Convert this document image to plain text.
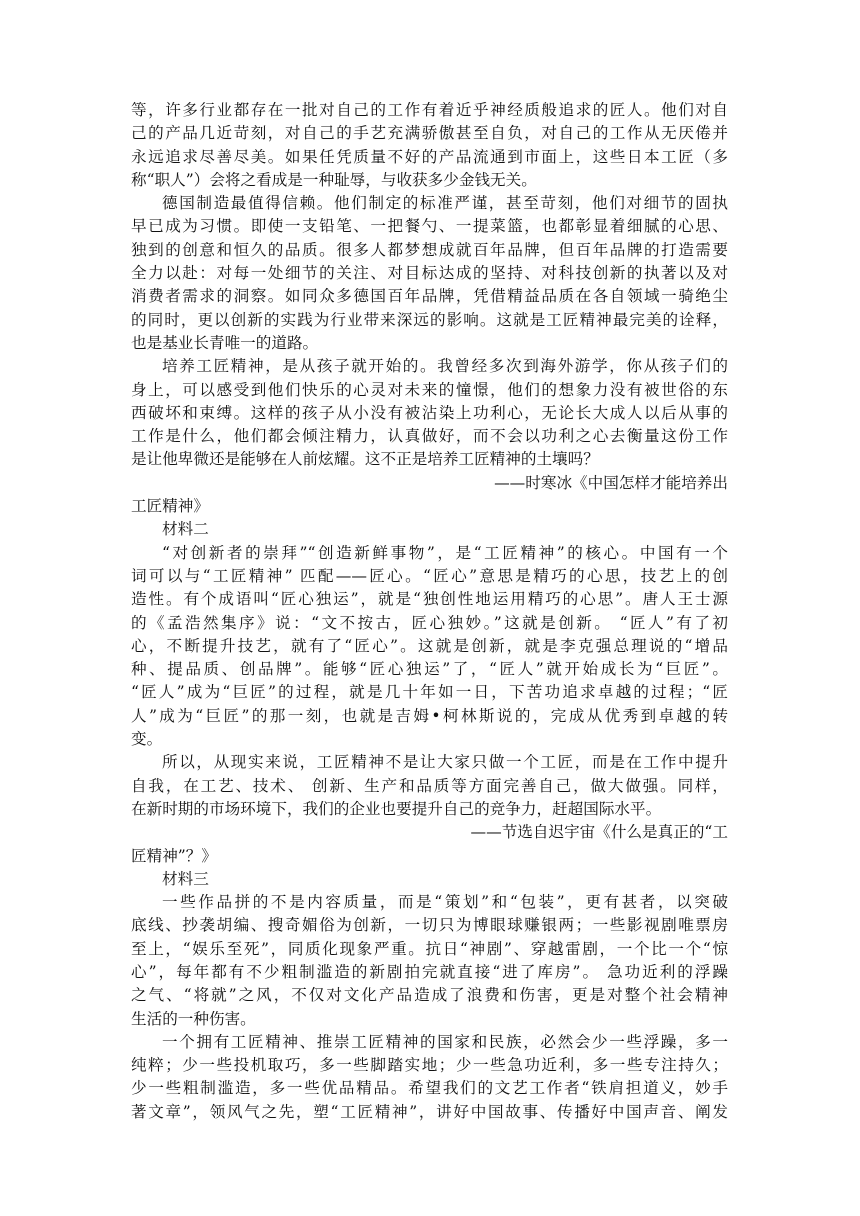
等，许多行业都存在一批对自己的工作有着近乎神经质般追求的匠人。他们对自
己的产品几近苛刻，对自己的手艺充满骄傲甚至自负，对自己的工作从无厌倦并
永远追求尽善尽美。如果任凭质量不好的产品流通到市面上，这些日本工匠（多
称“职人”）会将之看成是一种耻辱，与收获多少金钱无关。
德国制造最值得信赖。他们制定的标准严谨，甚至苛刻，他们对细节的固执
早已成为习惯。即使一支铅笔、一把餐勺、一提菜篮，也都彰显着细腻的心思、
独到的创意和恒久的品质。很多人都梦想成就百年品牌，但百年品牌的打造需要
全力以赴：对每一处细节的关注、对目标达成的坚持、对科技创新的执著以及对
消费者需求的洞察。如同众多德国百年品牌，凭借精益品质在各自领域一骑绝尘
的同时，更以创新的实践为行业带来深远的影响。这就是工匠精神最完美的诠释，
也是基业长青唯一的道路。
培养工匠精神，是从孩子就开始的。我曾经多次到海外游学，你从孩子们的
身上，可以感受到他们快乐的心灵对未来的憧憬，他们的想象力没有被世俗的东
西破坏和束缚。这样的孩子从小没有被沾染上功利心，无论长大成人以后从事的
工作是什么，他们都会倾注精力，认真做好，而不会以功利之心去衡量这份工作
是让他卑微还是能够在人前炫耀。这不正是培养工匠精神的土壤吗？
——时寒冰《中国怎样才能培养出
工匠精神》
材料二
“对创新者的崇拜”“创造新鲜事物”，是“工匠精神”的核心。中国有一个
词可以与“工匠精神” 匹配——匠心。“匠心”意思是精巧的心思，技艺上的创
造性。有个成语叫“匠心独运”，就是“独创性地运用精巧的心思”。唐人王士源
的《孟浩然集序》说：“文不按古，匠心独妙。”这就是创新。 “匠人”有了初
心，不断提升技艺，就有了“匠心”。这就是创新，就是李克强总理说的“增品
种、提品质、创品牌”。能够“匠心独运”了，“匠人”就开始成长为“巨匠”。
“匠人”成为“巨匠”的过程，就是几十年如一日，下苦功追求卓越的过程；“匠
人”成为“巨匠”的那一刻，也就是吉姆•柯林斯说的，完成从优秀到卓越的转
变。
所以，从现实来说，工匠精神不是让大家只做一个工匠，而是在工作中提升
自我，在工艺、技术、 创新、生产和品质等方面完善自己，做大做强。同样，
在新时期的市场环境下，我们的企业也要提升自己的竞争力，赶超国际水平。
——节选自迟宇宙《什么是真正的“工
匠精神”？》
材料三
一些作品拼的不是内容质量，而是“策划”和“包装”，更有甚者，以突破
底线、抄袭胡编、搜奇媚俗为创新，一切只为博眼球赚银两；一些影视剧唯票房
至上，“娱乐至死”，同质化现象严重。抗日“神剧”、穿越雷剧，一个比一个“惊
心”，每年都有不少粗制滥造的新剧拍完就直接“进了库房”。 急功近利的浮躁
之气、“将就”之风，不仅对文化产品造成了浪费和伤害，更是对整个社会精神
生活的一种伤害。
一个拥有工匠精神、推崇工匠精神的国家和民族，必然会少一些浮躁，多一
纯粹；少一些投机取巧，多一些脚踏实地；少一些急功近利，多一些专注持久；
少一些粗制滥造，多一些优品精品。希望我们的文艺工作者“铁肩担道义，妙手
著文章”，领风气之先，塑“工匠精神”，讲好中国故事、传播好中国声音、阐发
